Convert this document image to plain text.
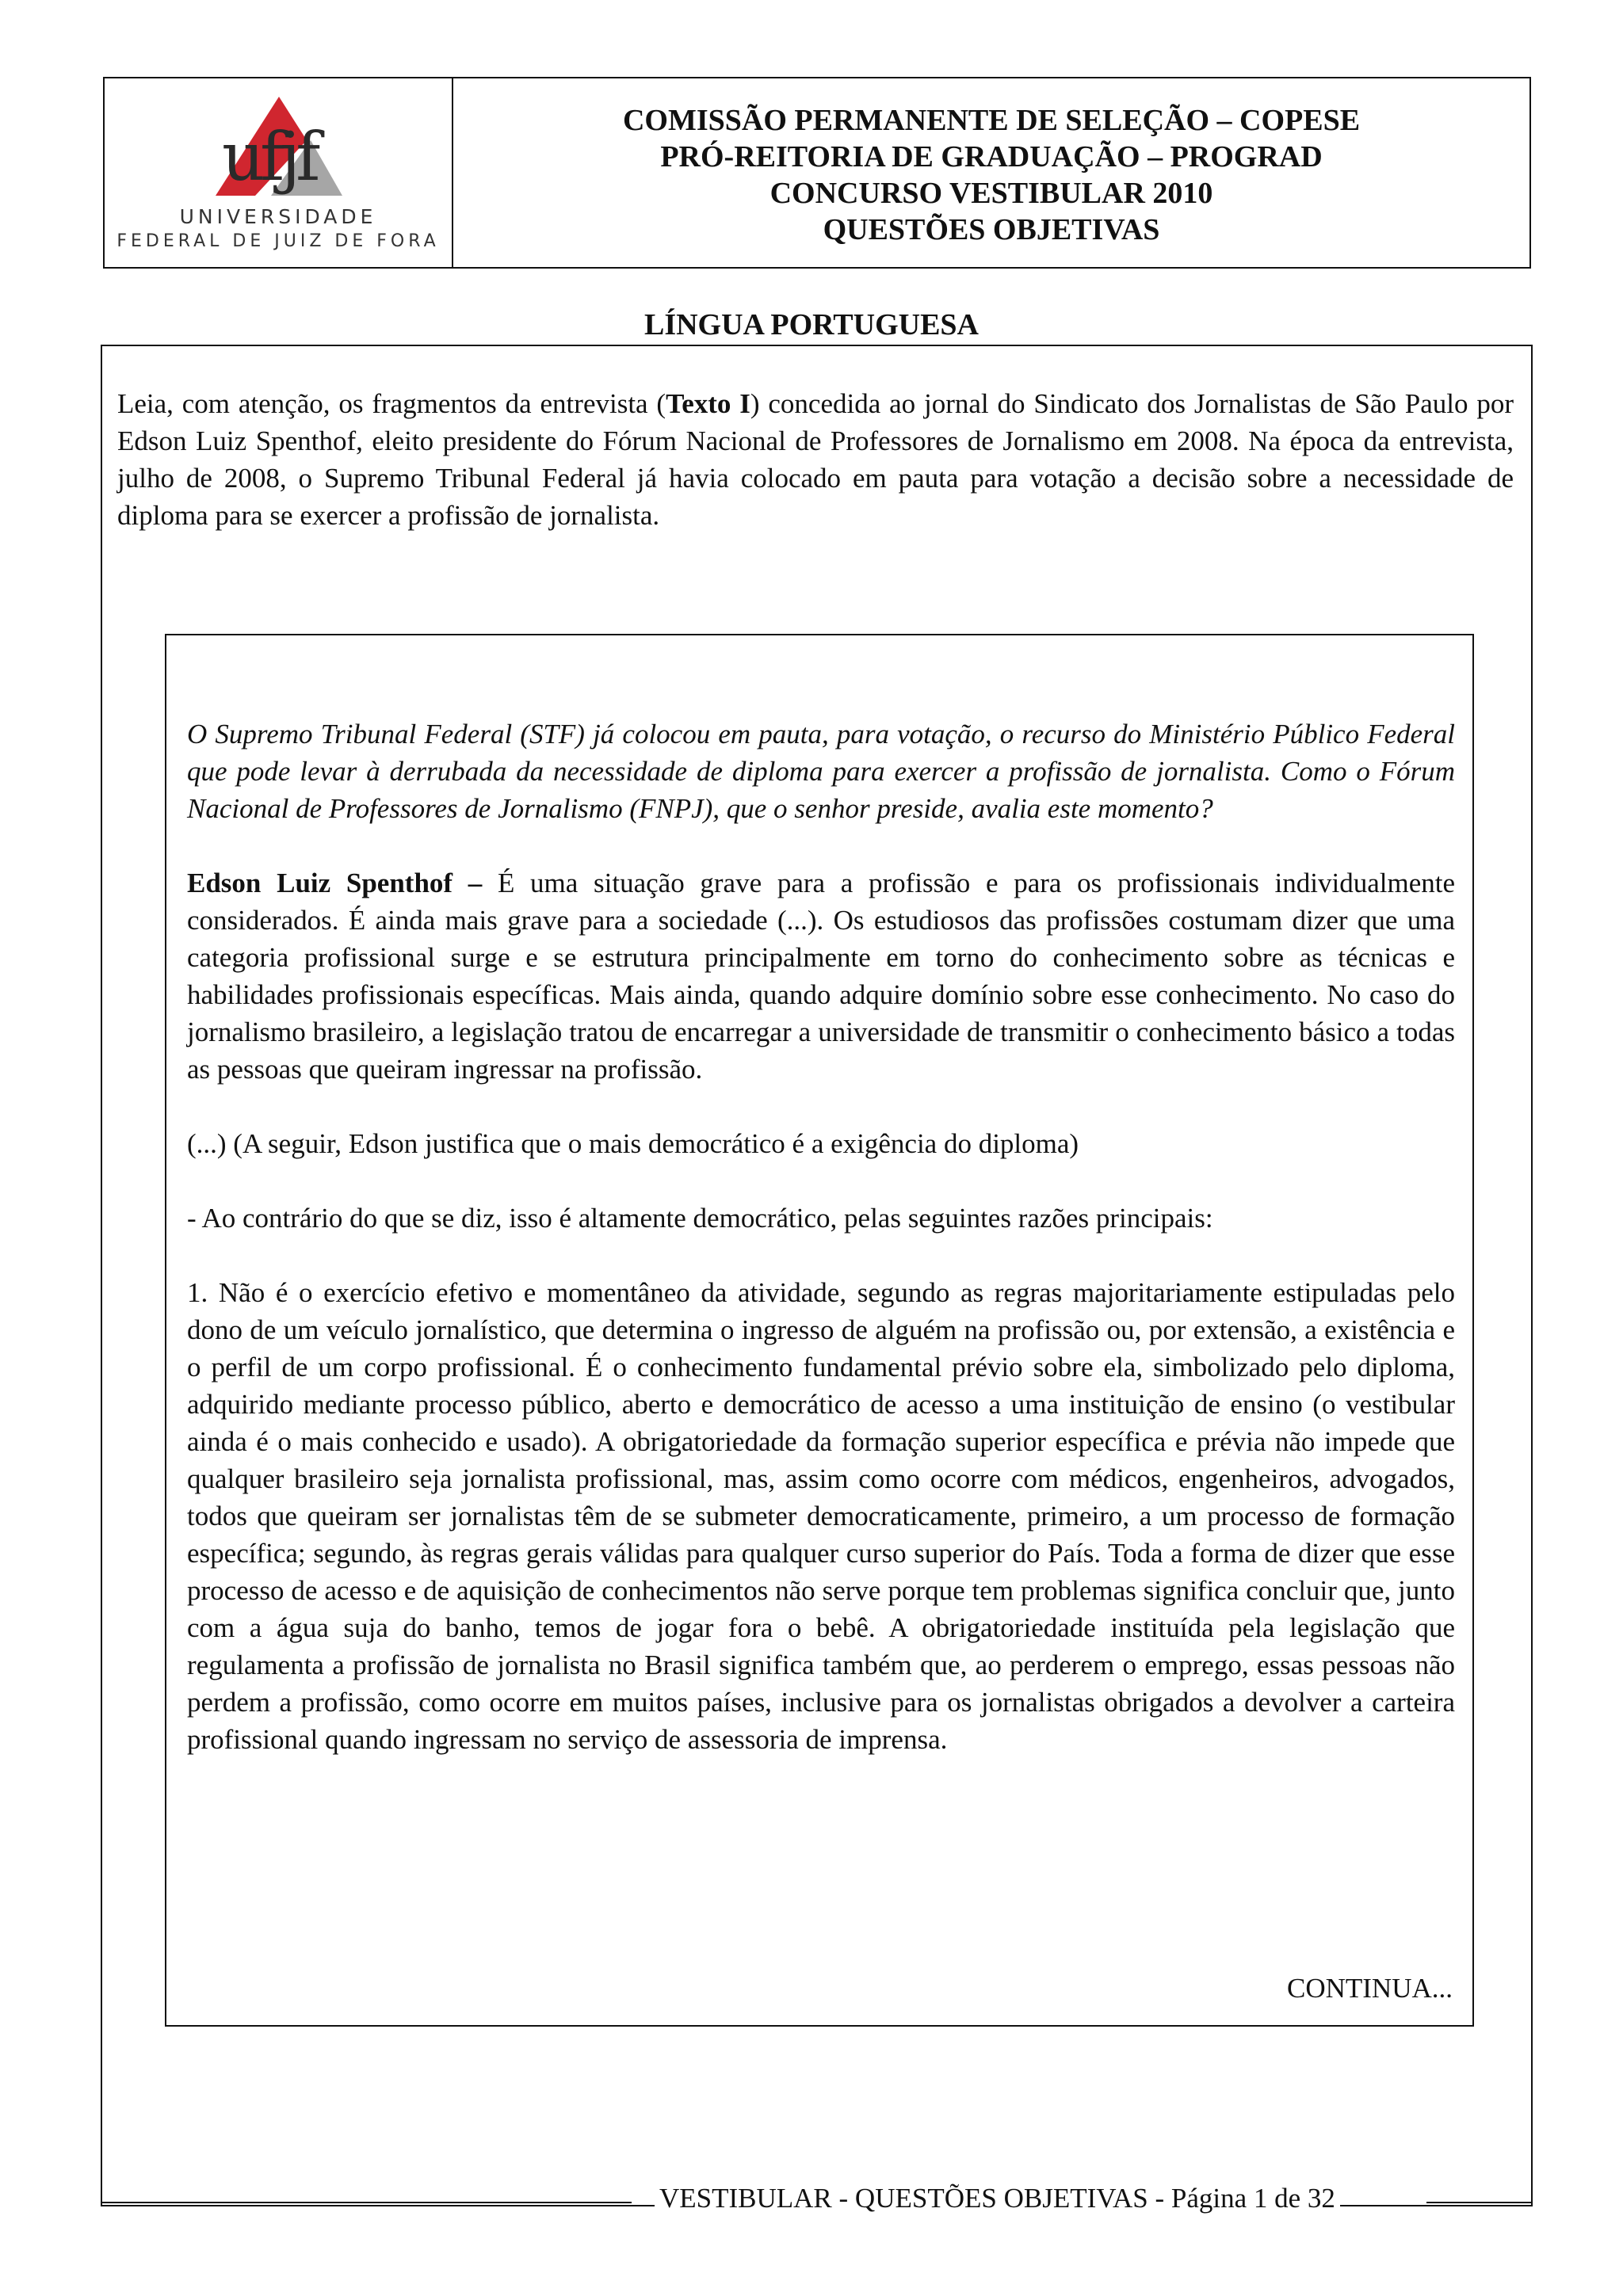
ufjf
UNIVERSIDADE
FEDERAL DE JUIZ DE FORA
COMISSÃO PERMANENTE DE SELEÇÃO – COPESE
PRÓ-REITORIA DE GRADUAÇÃO – PROGRAD
CONCURSO VESTIBULAR 2010
QUESTÕES OBJETIVAS
LÍNGUA PORTUGUESA
Leia, com atenção, os fragmentos da entrevista (Texto I) concedida ao jornal do Sindicato dos Jornalistas de São Paulo por Edson Luiz Spenthof, eleito presidente do Fórum Nacional de Professores de Jornalismo em 2008. Na época da entrevista, julho de 2008, o Supremo Tribunal Federal já havia colocado em pauta para votação a decisão sobre a necessidade de diploma para se exercer a profissão de jornalista.

O Supremo Tribunal Federal (STF) já colocou em pauta, para votação, o recurso do Ministério Público Federal que pode levar à derrubada da necessidade de diploma para exercer a profissão de jornalista. Como o Fórum Nacional de Professores de Jornalismo (FNPJ), que o senhor preside, avalia este momento?

Edson Luiz Spenthof – É uma situação grave para a profissão e para os profissionais individualmente considerados. É ainda mais grave para a sociedade (...). Os estudiosos das profissões costumam dizer que uma categoria profissional surge e se estrutura principalmente em torno do conhecimento sobre as técnicas e habilidades profissionais específicas. Mais ainda, quando adquire domínio sobre esse conhecimento. No caso do jornalismo brasileiro, a legislação tratou de encarregar a universidade de transmitir o conhecimento básico a todas as pessoas que queiram ingressar na profissão.

(...) (A seguir, Edson justifica que o mais democrático é a exigência do diploma)

- Ao contrário do que se diz, isso é altamente democrático, pelas seguintes razões principais:

1. Não é o exercício efetivo e momentâneo da atividade, segundo as regras majoritariamente estipuladas pelo dono de um veículo jornalístico, que determina o ingresso de alguém na profissão ou, por extensão, a existência e o perfil de um corpo profissional. É o conhecimento fundamental prévio sobre ela, simbolizado pelo diploma, adquirido mediante processo público, aberto e democrático de acesso a uma instituição de ensino (o vestibular ainda é o mais conhecido e usado). A obrigatoriedade da formação superior específica e prévia não impede que qualquer brasileiro seja jornalista profissional, mas, assim como ocorre com médicos, engenheiros, advogados, todos que queiram ser jornalistas têm de se submeter democraticamente, primeiro, a um processo de formação específica; segundo, às regras gerais válidas para qualquer curso superior do País. Toda a forma de dizer que esse processo de acesso e de aquisição de conhecimentos não serve porque tem problemas significa concluir que, junto com a água suja do banho, temos de jogar fora o bebê. A obrigatoriedade instituída pela legislação que regulamenta a profissão de jornalista no Brasil significa também que, ao perderem o emprego, essas pessoas não perdem a profissão, como ocorre em muitos países, inclusive para os jornalistas obrigados a devolver a carteira profissional quando ingressam no serviço de assessoria de imprensa.

CONTINUA...
VESTIBULAR - QUESTÕES OBJETIVAS - Página 1 de 32
